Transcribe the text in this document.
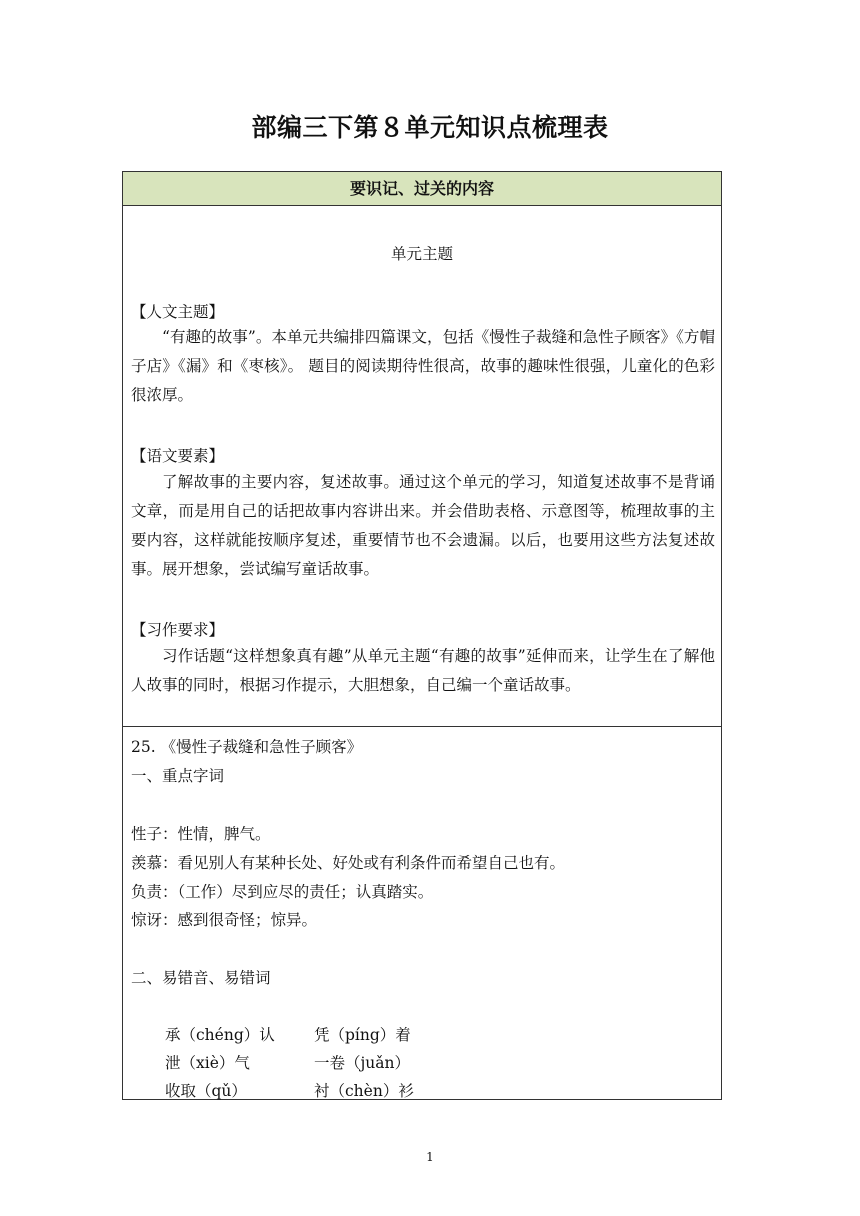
部编三下第８单元知识点梳理表
要识记、过关的内容
单元主题
【人文主题】
“有趣的故事”。本单元共编排四篇课文，包括《慢性子裁缝和急性子顾客》《方帽子店》《漏》和《枣核》。 题目的阅读期待性很高，故事的趣味性很强，儿童化的色彩很浓厚。
【语文要素】
了解故事的主要内容，复述故事。通过这个单元的学习，知道复述故事不是背诵文章，而是用自己的话把故事内容讲出来。并会借助表格、示意图等，梳理故事的主要内容，这样就能按顺序复述，重要情节也不会遗漏。以后，也要用这些方法复述故事。展开想象，尝试编写童话故事。
【习作要求】
习作话题“这样想象真有趣”从单元主题“有趣的故事”延伸而来，让学生在了解他人故事的同时，根据习作提示，大胆想象，自己编一个童话故事。
25. 《慢性子裁缝和急性子顾客》
一、重点字词
性子：性情，脾气。
羡慕：看见别人有某种长处、好处或有利条件而希望自己也有。
负责：（工作）尽到应尽的责任；认真踏实。
惊讶：感到很奇怪；惊异。
二、易错音、易错词
承（chéng）认	凭（píng）着
泄（xiè）气	一卷（juǎn）
收取（qǔ）	衬（chèn）衫
1
